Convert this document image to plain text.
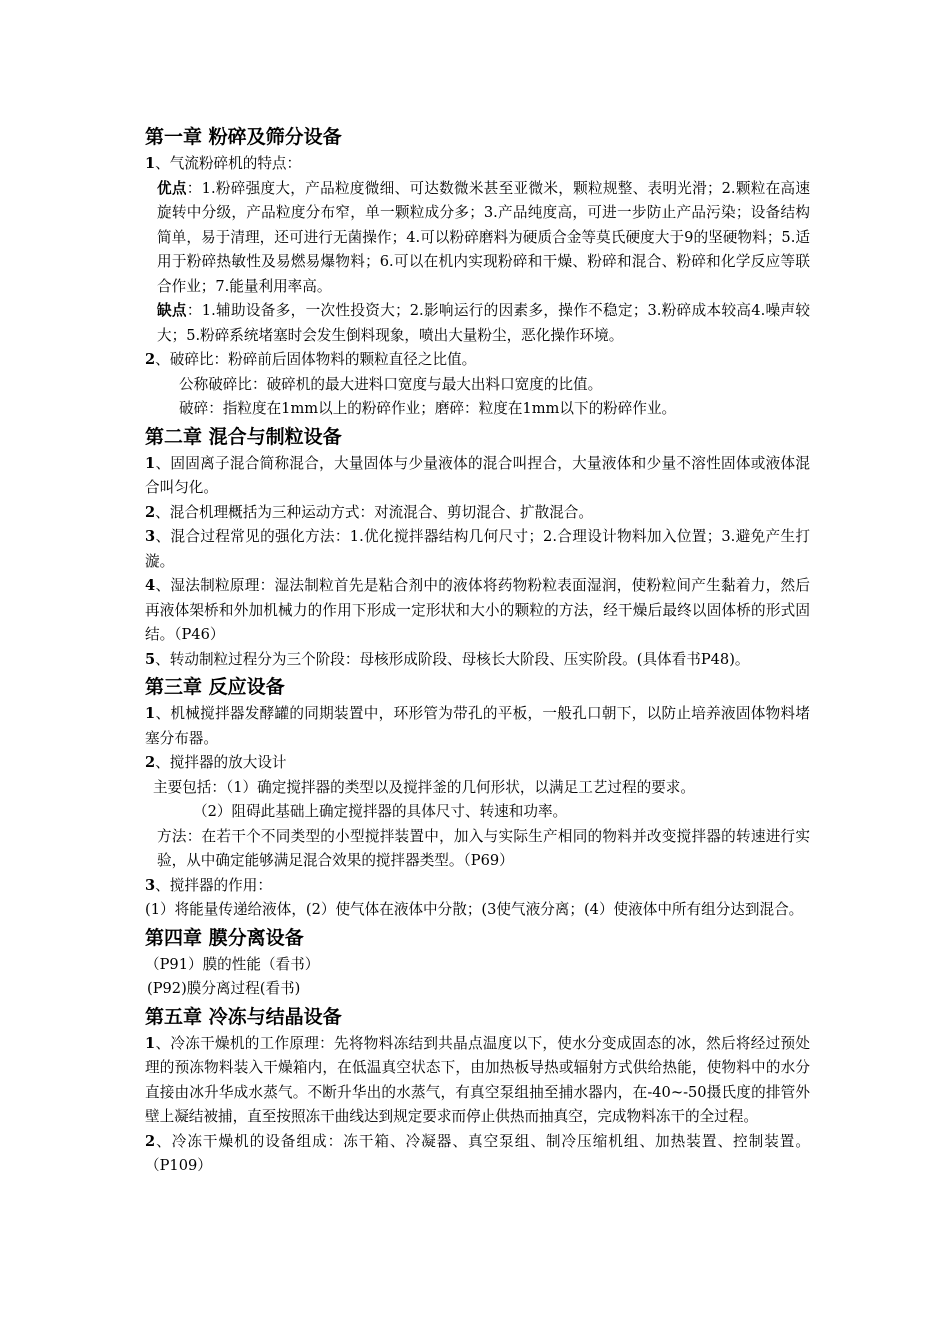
第一章 粉碎及筛分设备
1、气流粉碎机的特点：
优点：1.粉碎强度大，产品粒度微细、可达数微米甚至亚微米，颗粒规整、表明光滑；2.颗粒在高速旋转中分级，产品粒度分布窄，单一颗粒成分多；3.产品纯度高，可进一步防止产品污染；设备结构简单，易于清理，还可进行无菌操作；4.可以粉碎磨料为硬质合金等莫氏硬度大于9的坚硬物料；5.适用于粉碎热敏性及易燃易爆物料；6.可以在机内实现粉碎和干燥、粉碎和混合、粉碎和化学反应等联合作业；7.能量利用率高。
缺点：1.辅助设备多，一次性投资大；2.影响运行的因素多，操作不稳定；3.粉碎成本较高4.噪声较大；5.粉碎系统堵塞时会发生倒料现象，喷出大量粉尘，恶化操作环境。
2、破碎比：粉碎前后固体物料的颗粒直径之比值。
公称破碎比：破碎机的最大进料口宽度与最大出料口宽度的比值。
破碎：指粒度在1mm以上的粉碎作业；磨碎：粒度在1mm以下的粉碎作业。
第二章 混合与制粒设备
1、固固离子混合简称混合，大量固体与少量液体的混合叫捏合，大量液体和少量不溶性固体或液体混合叫匀化。
2、混合机理概括为三种运动方式：对流混合、剪切混合、扩散混合。
3、混合过程常见的强化方法：1.优化搅拌器结构几何尺寸；2.合理设计物料加入位置；3.避免产生打漩。
4、湿法制粒原理：湿法制粒首先是粘合剂中的液体将药物粉粒表面湿润，使粉粒间产生黏着力，然后再液体架桥和外加机械力的作用下形成一定形状和大小的颗粒的方法，经干燥后最终以固体桥的形式固结。（P46）
5、转动制粒过程分为三个阶段：母核形成阶段、母核长大阶段、压实阶段。(具体看书P48)。
第三章 反应设备
1、机械搅拌器发酵罐的同期装置中，环形管为带孔的平板，一般孔口朝下，以防止培养液固体物料堵塞分布器。
2、搅拌器的放大设计
主要包括：（1）确定搅拌器的类型以及搅拌釜的几何形状，以满足工艺过程的要求。
（2）阻碍此基础上确定搅拌器的具体尺寸、转速和功率。
方法：在若干个不同类型的小型搅拌装置中，加入与实际生产相同的物料并改变搅拌器的转速进行实验，从中确定能够满足混合效果的搅拌器类型。（P69）
3、搅拌器的作用：
(1）将能量传递给液体，(2）使气体在液体中分散；(3使气液分离；(4）使液体中所有组分达到混合。
第四章 膜分离设备
（P91）膜的性能（看书）
(P92)膜分离过程(看书)
第五章 冷冻与结晶设备
1、冷冻干燥机的工作原理：先将物料冻结到共晶点温度以下，使水分变成固态的冰，然后将经过预处理的预冻物料装入干燥箱内，在低温真空状态下，由加热板导热或辐射方式供给热能，使物料中的水分直接由冰升华成水蒸气。不断升华出的水蒸气，有真空泵组抽至捕水器内，在-40~-50摄氏度的排管外壁上凝结被捕，直至按照冻干曲线达到规定要求而停止供热而抽真空，完成物料冻干的全过程。
2、冷冻干燥机的设备组成：冻干箱、冷凝器、真空泵组、制冷压缩机组、加热装置、控制装置。（P109）
